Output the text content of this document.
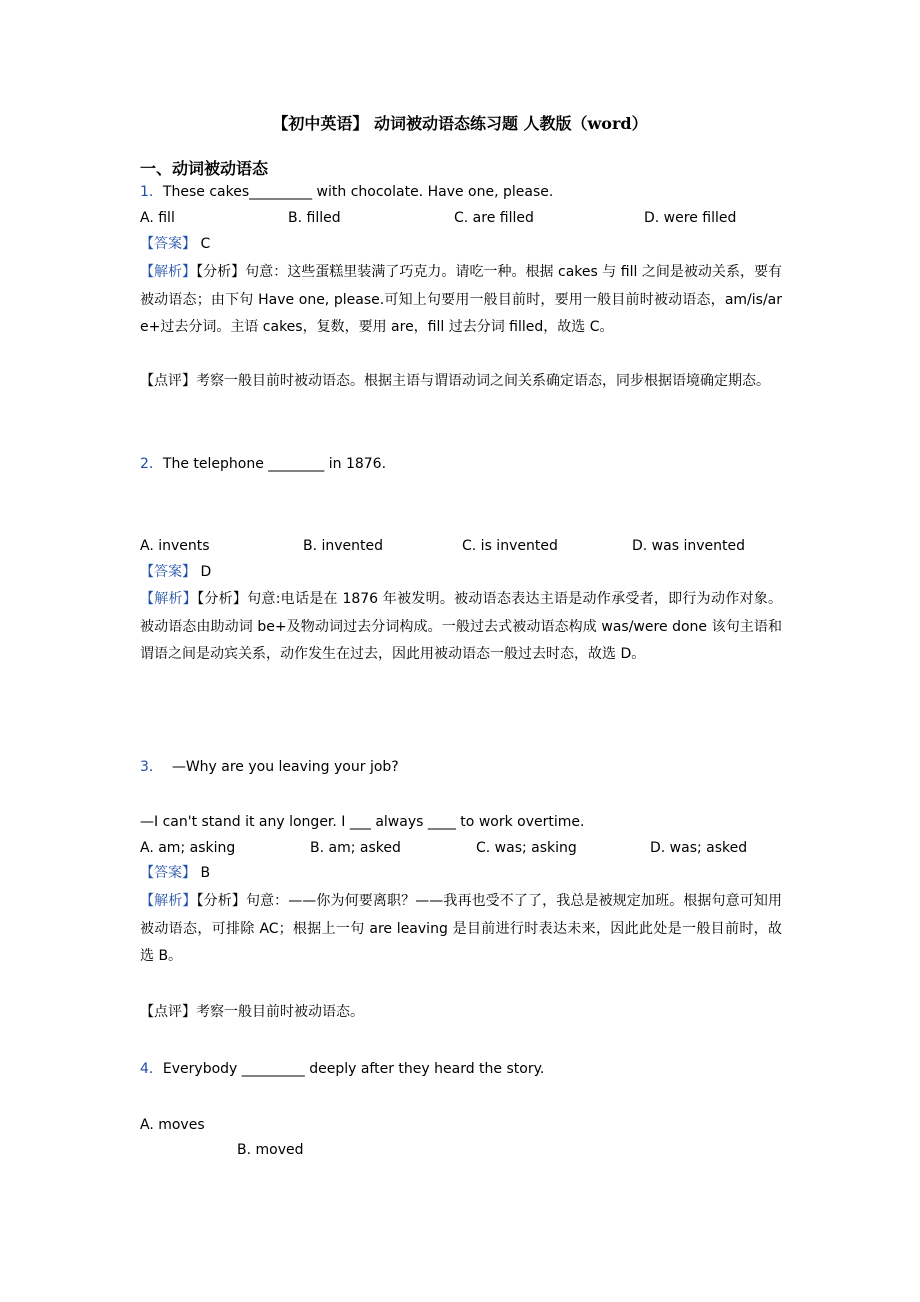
【初中英语】 动词被动语态练习题 人教版（word）
一、动词被动语态
1．These cakes_________ with chocolate. Have one, please.
A. fill	B. filled	C. are filled	D. were filled
【答案】 C
【解析】【分析】句意：这些蛋糕里装满了巧克力。请吃一种。根据 cakes 与 fill 之间是被动关系，要有被动语态；由下句 Have one, please.可知上句要用一般目前时，要用一般目前时被动语态，am/is/are+过去分词。主语 cakes，复数，要用 are，fill 过去分词 filled，故选 C。
【点评】考察一般目前时被动语态。根据主语与谓语动词之间关系确定语态，同步根据语境确定期态。
2．The telephone ________ in 1876.
A. invents	B. invented	C. is invented	D. was invented
【答案】 D
【解析】【分析】句意:电话是在 1876 年被发明。被动语态表达主语是动作承受者，即行为动作对象。被动语态由助动词 be+及物动词过去分词构成。一般过去式被动语态构成 was/were done 该句主语和谓语之间是动宾关系，动作发生在过去，因此用被动语态一般过去时态，故选 D。
3． —Why are you leaving your job?
—I can't stand it any longer. I ___ always ____ to work overtime.
A. am; asking	B. am; asked	C. was; asking	D. was; asked
【答案】 B
【解析】【分析】句意：——你为何要离职？——我再也受不了了，我总是被规定加班。根据句意可知用被动语态，可排除 AC；根据上一句 are leaving 是目前进行时表达未来，因此此处是一般目前时，故选 B。
【点评】考察一般目前时被动语态。
4．Everybody _________ deeply after they heard the story.
A. moves
B. moved
